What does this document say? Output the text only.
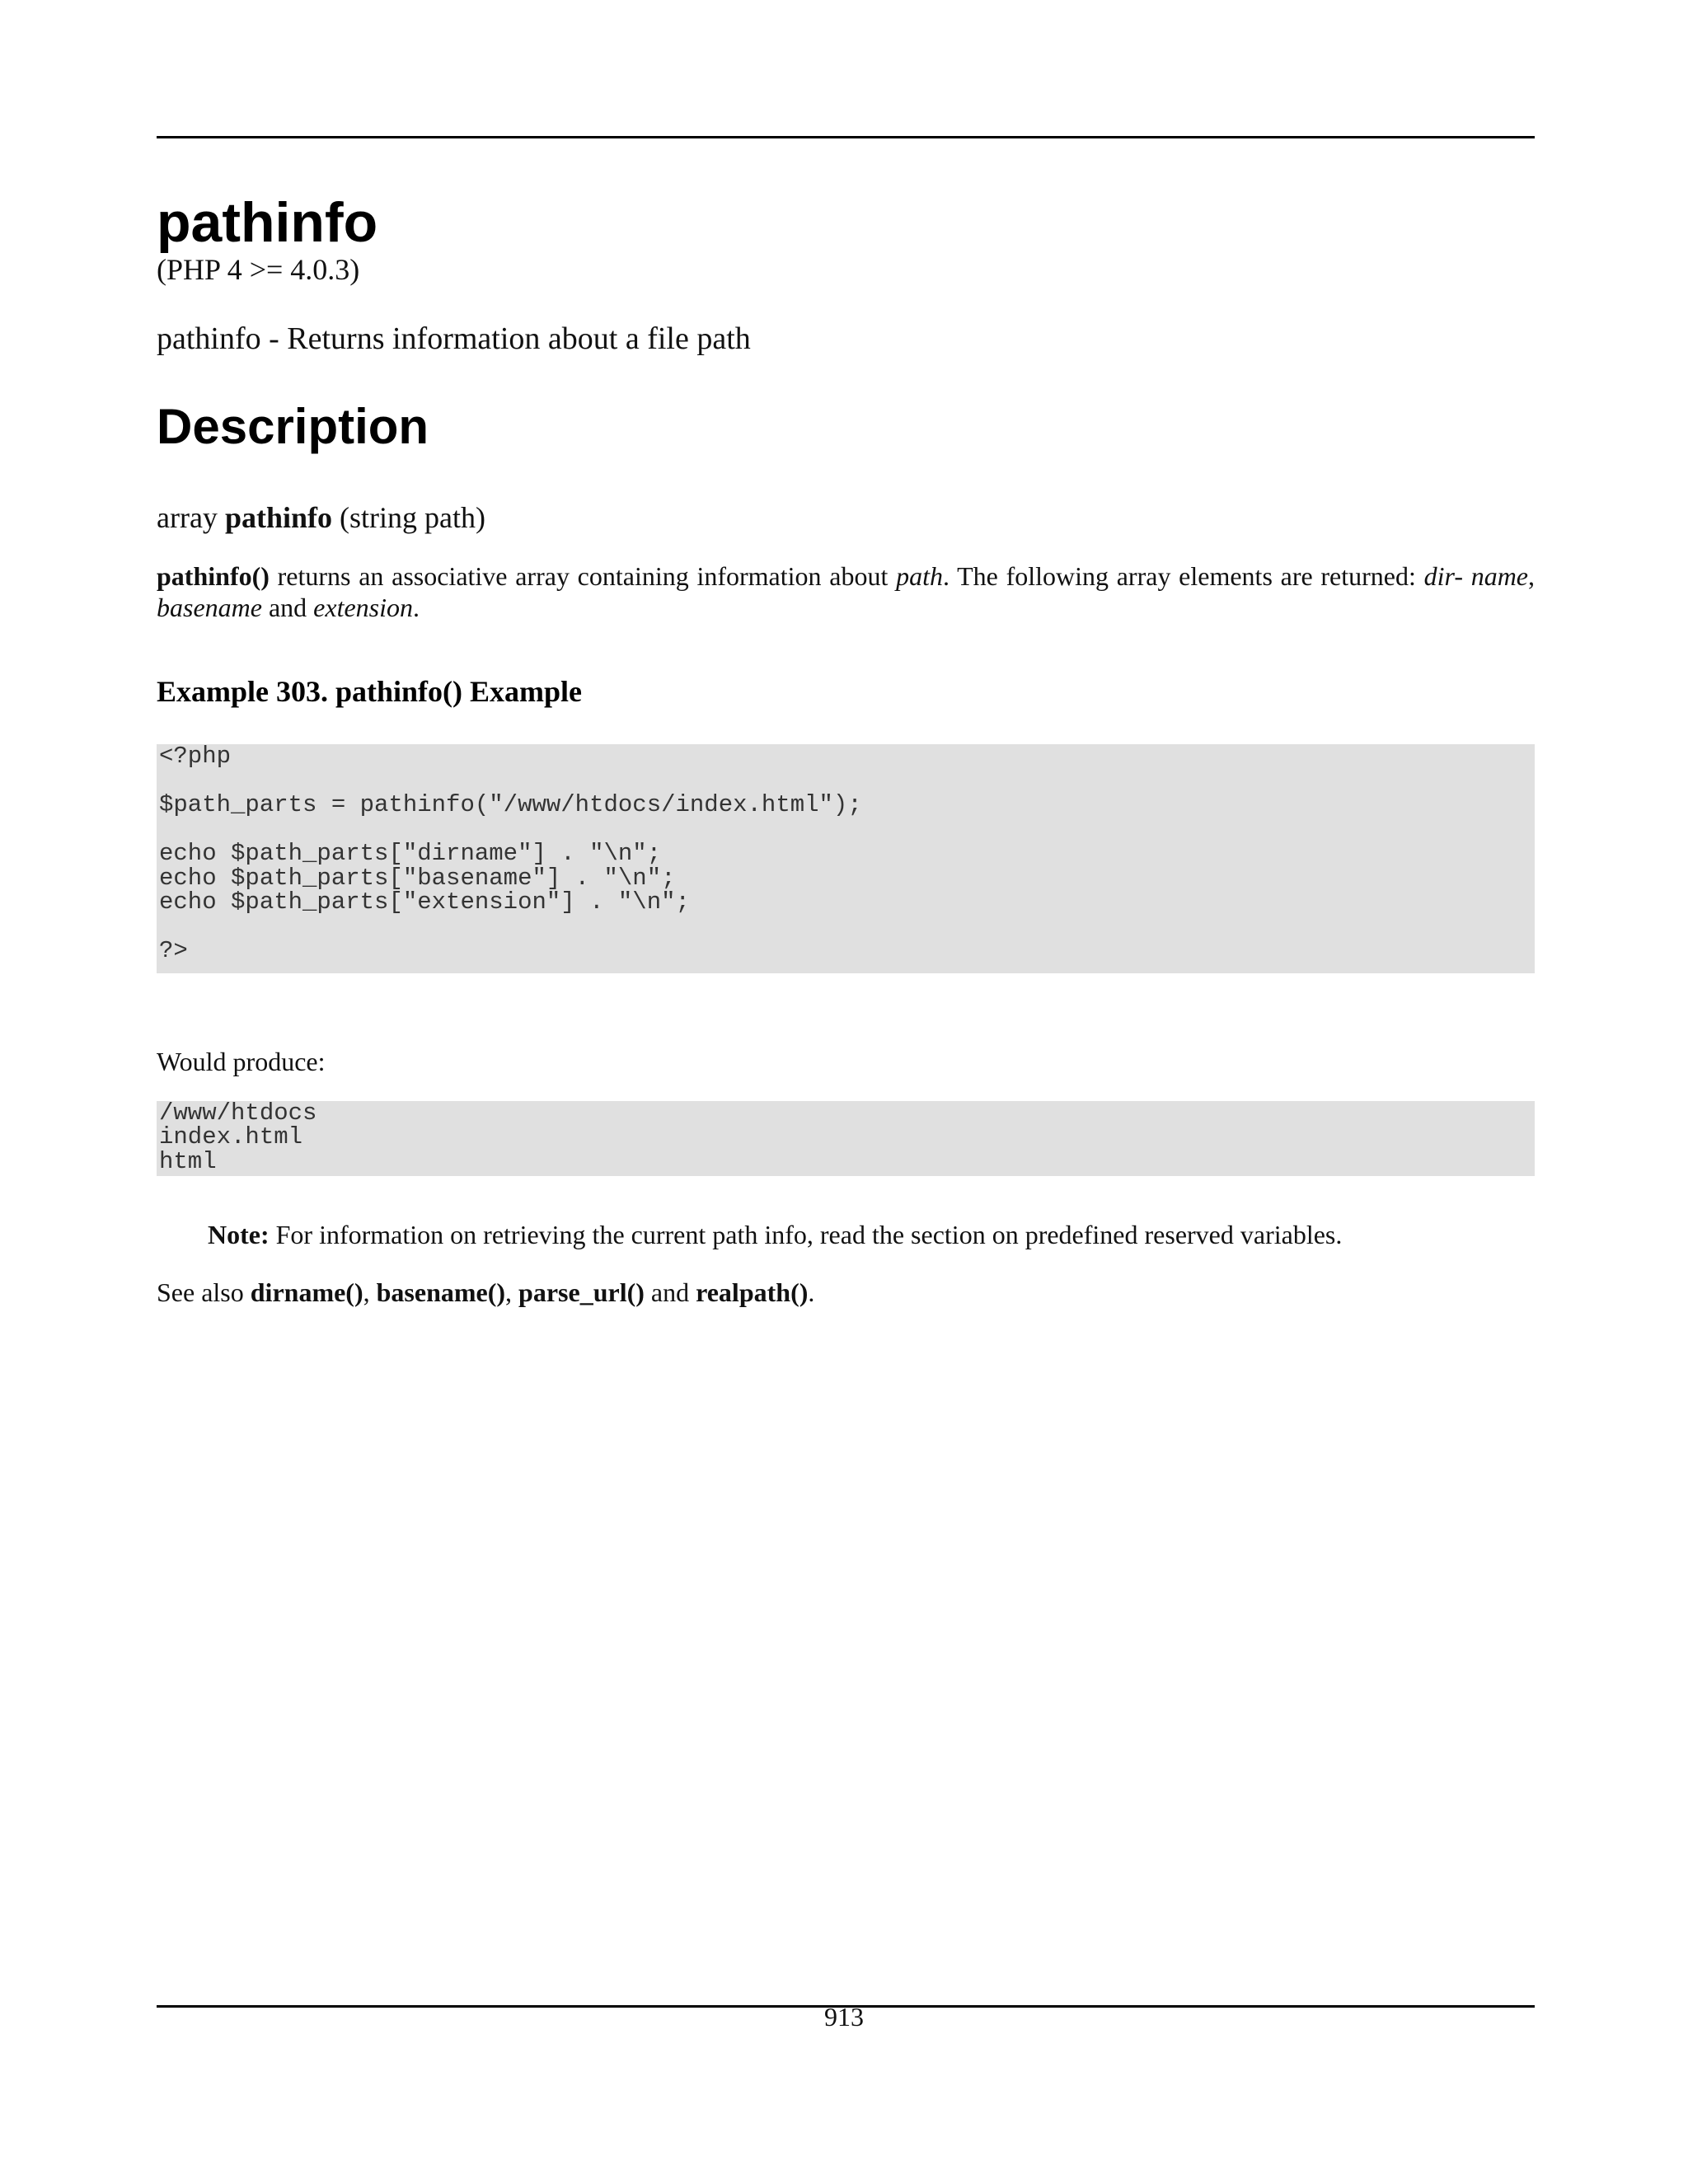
pathinfo
(PHP 4 >= 4.0.3)
pathinfo - Returns information about a file path
Description
array pathinfo (string path)

pathinfo() returns an associative array containing information about path. The following array elements are returned: dir- name, basename and extension.

Example 303. pathinfo() Example
<?php

$path_parts = pathinfo("/www/htdocs/index.html");

echo $path_parts["dirname"] . "\n";
echo $path_parts["basename"] . "\n";
echo $path_parts["extension"] . "\n";

?>
Would produce:
/www/htdocs
index.html
html
Note: For information on retrieving the current path info, read the section on predefined reserved variables.
See also dirname(), basename(), parse_url() and realpath().
913
